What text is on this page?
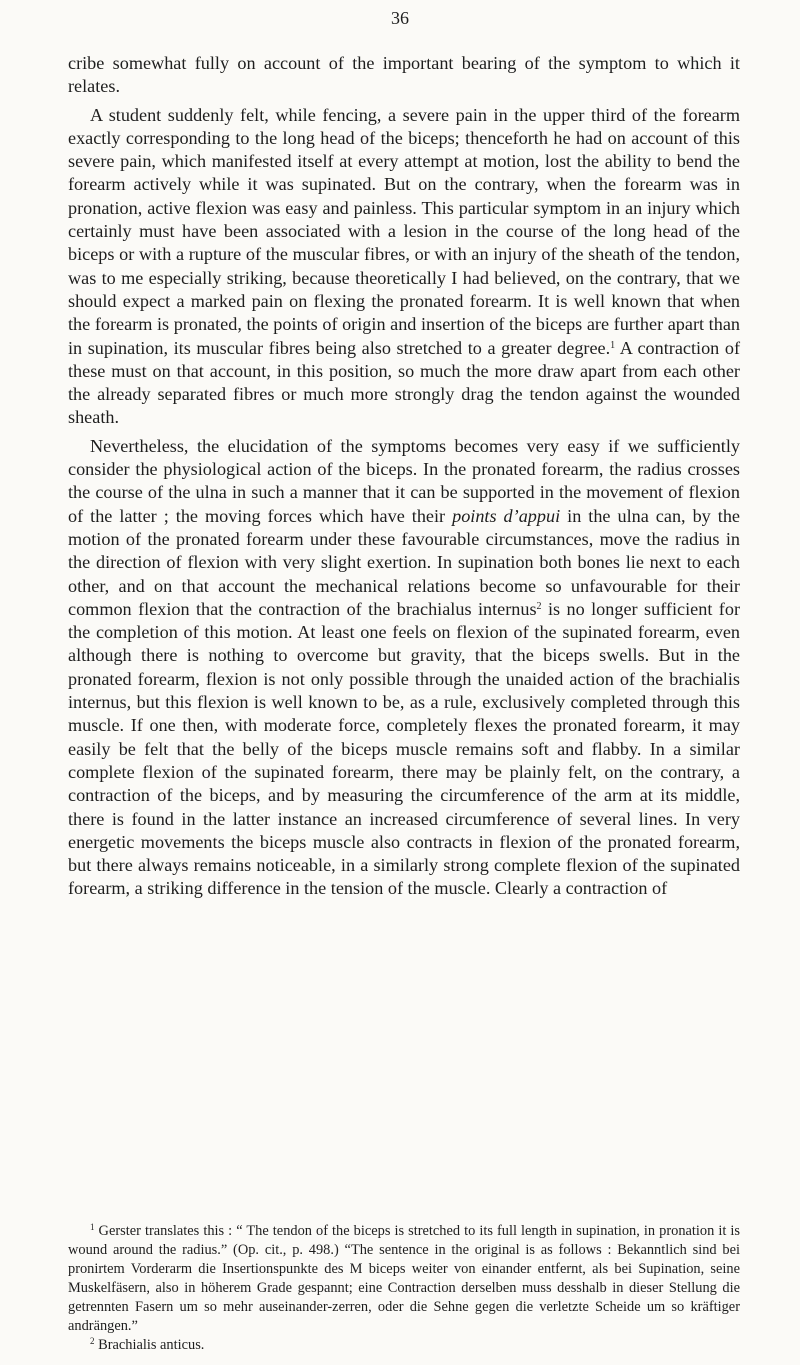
36

cribe somewhat fully on account of the important bearing of the symptom to which it relates.

A student suddenly felt, while fencing, a severe pain in the upper third of the forearm exactly corresponding to the long head of the biceps; thenceforth he had on account of this severe pain, which manifested itself at every attempt at motion, lost the ability to bend the forearm actively while it was supinated. But on the contrary, when the forearm was in pronation, active flexion was easy and painless. This particular symptom in an injury which certainly must have been associated with a lesion in the course of the long head of the biceps or with a rupture of the muscular fibres, or with an injury of the sheath of the tendon, was to me especially striking, because theoretically I had believed, on the contrary, that we should expect a marked pain on flexing the pronated forearm. It is well known that when the forearm is pronated, the points of origin and insertion of the biceps are further apart than in supination, its muscular fibres being also stretched to a greater degree.$^1$ A contraction of these must on that account, in this position, so much the more draw apart from each other the already separated fibres or much more strongly drag the tendon against the wounded sheath.

Nevertheless, the elucidation of the symptoms becomes very easy if we sufficiently consider the physiological action of the biceps. In the pronated forearm, the radius crosses the course of the ulna in such a manner that it can be supported in the movement of flexion of the latter ; the moving forces which have their points d’appui in the ulna can, by the motion of the pronated forearm under these favourable circumstances, move the radius in the direction of flexion with very slight exertion. In supination both bones lie next to each other, and on that account the mechanical relations become so unfavourable for their common flexion that the contraction of the brachialus internus$^2$ is no longer sufficient for the completion of this motion. At least one feels on flexion of the supinated forearm, even although there is nothing to overcome but gravity, that the biceps swells. But in the pronated forearm, flexion is not only possible through the unaided action of the brachialis internus, but this flexion is well known to be, as a rule, exclusively completed through this muscle. If one then, with moderate force, completely flexes the pronated forearm, it may easily be felt that the belly of the biceps muscle remains soft and flabby. In a similar complete flexion of the supinated forearm, there may be plainly felt, on the contrary, a contraction of the biceps, and by measuring the circumference of the arm at its middle, there is found in the latter instance an increased circumference of several lines. In very energetic movements the biceps muscle also contracts in flexion of the pronated forearm, but there always remains noticeable, in a similarly strong complete flexion of the supinated forearm, a striking difference in the tension of the muscle. Clearly a contraction of

$^1$ Gerster translates this : “ The tendon of the biceps is stretched to its full length in supination, in pronation it is wound around the radius.” (Op. cit., p. 498.) “The sentence in the original is as follows : Bekanntlich sind bei pronirtem Vorderarm die Insertionspunkte des M biceps weiter von einander entfernt, als bei Supination, seine Muskelfäsern, also in höherem Grade gespannt; eine Contraction derselben muss desshalb in dieser Stellung die getrennten Fasern um so mehr auseinander-zerren, oder die Sehne gegen die verletzte Scheide um so kräftiger andrängen.”

$^2$ Brachialis anticus.
